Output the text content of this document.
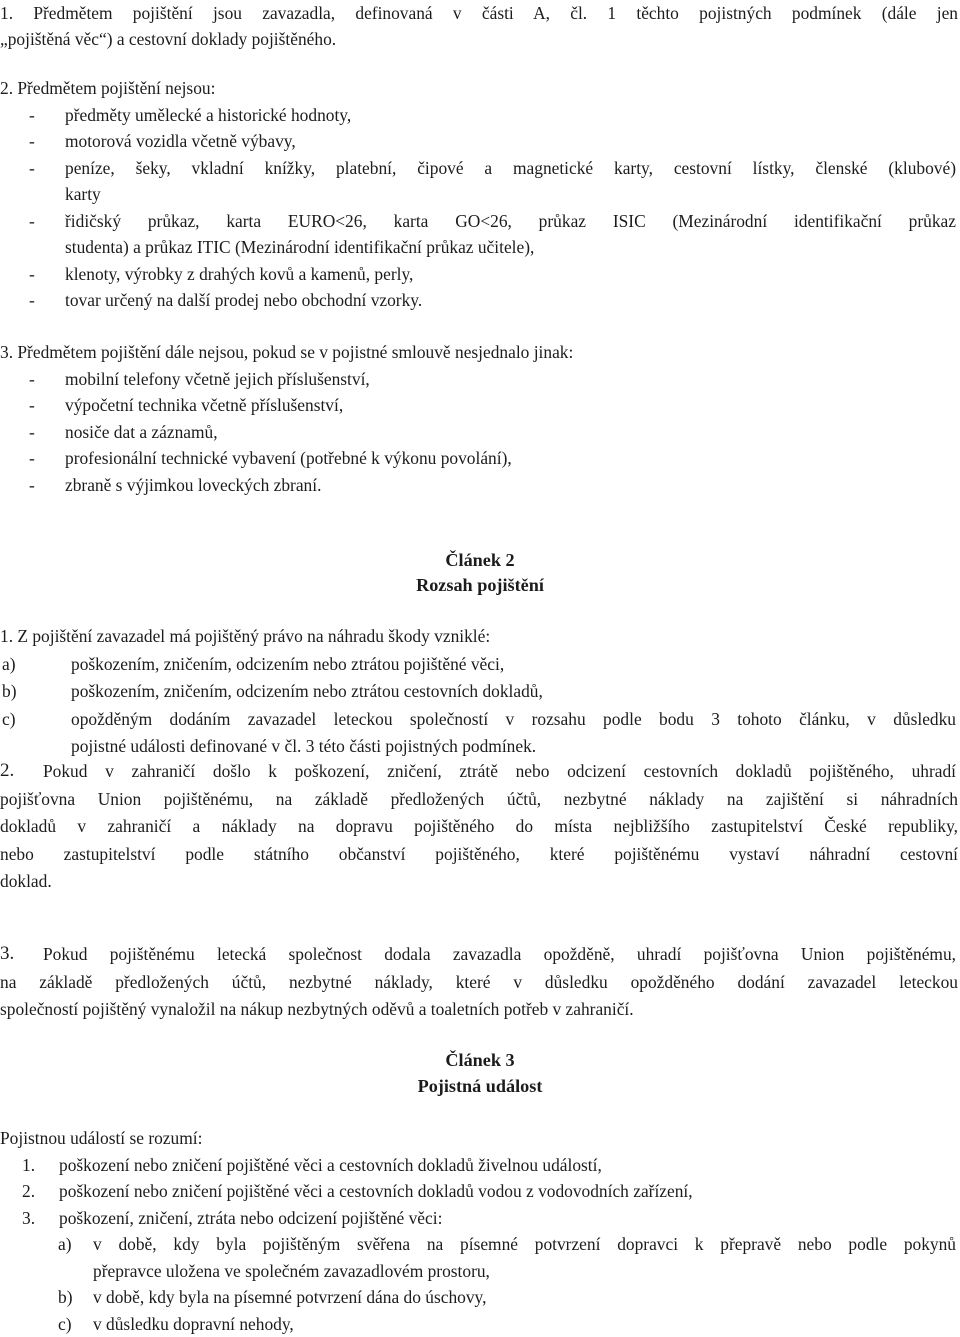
1. Předmětem pojištění jsou zavazadla, definovaná v části A, čl. 1 těchto pojistných podmínek (dále jen
„pojištěná věc“) a cestovní doklady pojištěného.
2. Předmětem pojištění nejsou:
- předměty umělecké a historické hodnoty,
- motorová vozidla včetně výbavy,
- peníze, šeky, vkladní knížky, platební, čipové a magnetické karty, cestovní lístky, členské (klubové)
karty
- řidičský průkaz, karta EURO<26, karta GO<26, průkaz ISIC (Mezinárodní identifikační průkaz
studenta) a průkaz ITIC (Mezinárodní identifikační průkaz učitele),
- klenoty, výrobky z drahých kovů a kamenů, perly,
- tovar určený na další prodej nebo obchodní vzorky.
3. Předmětem pojištění dále nejsou, pokud se v pojistné smlouvě nesjednalo jinak:
- mobilní telefony včetně jejich příslušenství,
- výpočetní technika včetně příslušenství,
- nosiče dat a záznamů,
- profesionální technické vybavení (potřebné k výkonu povolání),
- zbraně s výjimkou loveckých zbraní.
Článek 2
Rozsah pojištění
1. Z pojištění zavazadel má pojištěný právo na náhradu škody vzniklé:
a)	poškozením, zničením, odcizením nebo ztrátou pojištěné věci,
b)	poškozením, zničením, odcizením nebo ztrátou cestovních dokladů,
c)	opožděným dodáním zavazadel leteckou společností v rozsahu podle bodu 3 tohoto článku, v důsledku
pojistné události definované v čl. 3 této části pojistných podmínek.
2. Pokud v zahraničí došlo k poškození, zničení, ztrátě nebo odcizení cestovních dokladů pojištěného, uhradí
pojišťovna Union pojištěnému, na základě předložených účtů, nezbytné náklady na zajištění si náhradních
dokladů v zahraničí a náklady na dopravu pojištěného do místa nejbližšího zastupitelství České republiky,
nebo zastupitelství podle státního občanství pojištěného, které pojištěnému vystaví náhradní cestovní
doklad.
3. Pokud pojištěnému letecká společnost dodala zavazadla opožděně, uhradí pojišťovna Union pojištěnému,
na základě předložených účtů, nezbytné náklady, které v důsledku opožděného dodání zavazadel leteckou
společností pojištěný vynaložil na nákup nezbytných oděvů a toaletních potřeb v zahraničí.
Článek 3
Pojistná událost
Pojistnou událostí se rozumí:
1. poškození nebo zničení pojištěné věci a cestovních dokladů živelnou událostí,
2. poškození nebo zničení pojištěné věci a cestovních dokladů vodou z vodovodních zařízení,
3. poškození, zničení, ztráta nebo odcizení pojištěné věci:
a) v době, kdy byla pojištěným svěřena na písemné potvrzení dopravci k přepravě nebo podle pokynů
přepravce uložena ve společném zavazadlovém prostoru,
b) v době, kdy byla na písemné potvrzení dána do úschovy,
c) v důsledku dopravní nehody,
